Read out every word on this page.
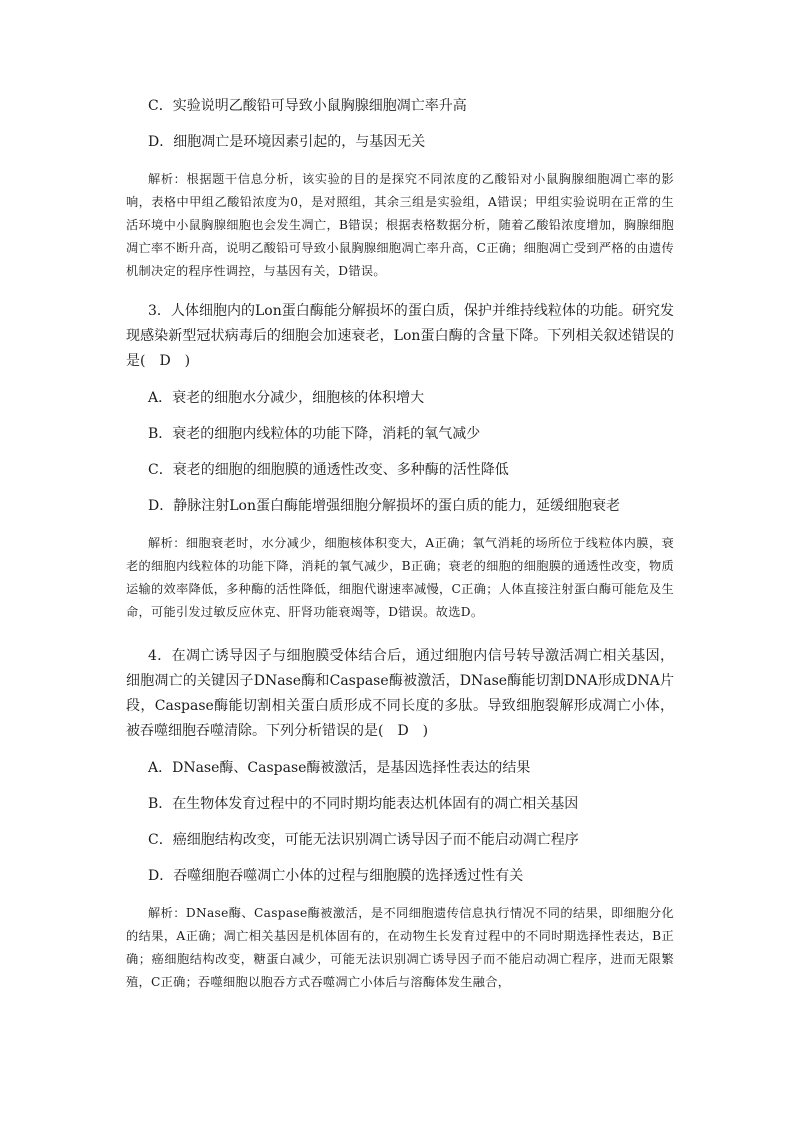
C．实验说明乙酸铅可导致小鼠胸腺细胞凋亡率升高

D．细胞凋亡是环境因素引起的，与基因无关

解析：根据题干信息分析，该实验的目的是探究不同浓度的乙酸铅对小鼠胸腺细胞凋亡率的影响，表格中甲组乙酸铅浓度为0，是对照组，其余三组是实验组，A错误；甲组实验说明在正常的生活环境中小鼠胸腺细胞也会发生凋亡，B错误；根据表格数据分析，随着乙酸铅浓度增加，胸腺细胞凋亡率不断升高，说明乙酸铅可导致小鼠胸腺细胞凋亡率升高，C正确；细胞凋亡受到严格的由遗传机制决定的程序性调控，与基因有关，D错误。

3．人体细胞内的Lon蛋白酶能分解损坏的蛋白质，保护并维持线粒体的功能。研究发现感染新型冠状病毒后的细胞会加速衰老，Lon蛋白酶的含量下降。下列相关叙述错误的是(　D　)

A．衰老的细胞水分减少，细胞核的体积增大

B．衰老的细胞内线粒体的功能下降，消耗的氧气减少

C．衰老的细胞的细胞膜的通透性改变、多种酶的活性降低

D．静脉注射Lon蛋白酶能增强细胞分解损坏的蛋白质的能力，延缓细胞衰老

解析：细胞衰老时，水分减少，细胞核体积变大，A正确；氧气消耗的场所位于线粒体内膜，衰老的细胞内线粒体的功能下降，消耗的氧气减少，B正确；衰老的细胞的细胞膜的通透性改变，物质运输的效率降低，多种酶的活性降低，细胞代谢速率减慢，C正确；人体直接注射蛋白酶可能危及生命，可能引发过敏反应休克、肝肾功能衰竭等，D错误。故选D。

4．在凋亡诱导因子与细胞膜受体结合后，通过细胞内信号转导激活凋亡相关基因，细胞凋亡的关键因子DNase酶和Caspase酶被激活，DNase酶能切割DNA形成DNA片段，Caspase酶能切割相关蛋白质形成不同长度的多肽。导致细胞裂解形成凋亡小体，被吞噬细胞吞噬清除。下列分析错误的是(　D　)

A．DNase酶、Caspase酶被激活，是基因选择性表达的结果

B．在生物体发育过程中的不同时期均能表达机体固有的凋亡相关基因

C．癌细胞结构改变，可能无法识别凋亡诱导因子而不能启动凋亡程序

D．吞噬细胞吞噬凋亡小体的过程与细胞膜的选择透过性有关

解析：DNase酶、Caspase酶被激活，是不同细胞遗传信息执行情况不同的结果，即细胞分化的结果，A正确；凋亡相关基因是机体固有的，在动物生长发育过程中的不同时期选择性表达，B正确；癌细胞结构改变，糖蛋白减少，可能无法识别凋亡诱导因子而不能启动凋亡程序，进而无限繁殖，C正确；吞噬细胞以胞吞方式吞噬凋亡小体后与溶酶体发生融合，
